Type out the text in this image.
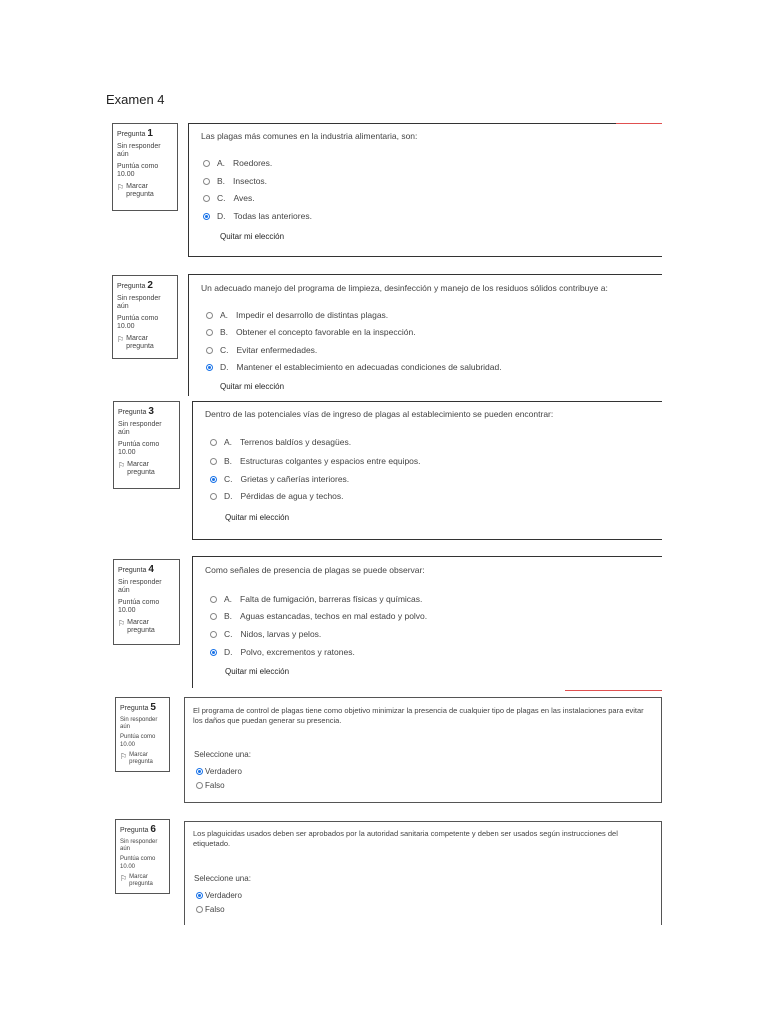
Examen 4
Pregunta 1
Sin responder aún
Puntúa como 10.00
⚐ Marcar pregunta
Las plagas más comunes en la industria alimentaria, son:
A. Roedores.
B. Insectos.
C. Aves.
D. Todas las anteriores.
Quitar mi elección
Pregunta 2
Sin responder aún
Puntúa como 10.00
⚐ Marcar pregunta
Un adecuado manejo del programa de limpieza, desinfección y manejo de los residuos sólidos contribuye a:
A. Impedir el desarrollo de distintas plagas.
B. Obtener el concepto favorable en la inspección.
C. Evitar enfermedades.
D. Mantener el establecimiento en adecuadas condiciones de salubridad.
Quitar mi elección
Pregunta 3
Sin responder aún
Puntúa como 10.00
⚐ Marcar pregunta
Dentro de las potenciales vías de ingreso de plagas al establecimiento se pueden encontrar:
A. Terrenos baldíos y desagües.
B. Estructuras colgantes y espacios entre equipos.
C. Grietas y cañerías interiores.
D. Pérdidas de agua y techos.
Quitar mi elección
Pregunta 4
Sin responder aún
Puntúa como 10.00
⚐ Marcar pregunta
Como señales de presencia de plagas se puede observar:
A. Falta de fumigación, barreras físicas y químicas.
B. Aguas estancadas, techos en mal estado y polvo.
C. Nidos, larvas y pelos.
D. Polvo, excrementos y ratones.
Quitar mi elección
Pregunta 5
Sin responder aún
Puntúa como 10.00
⚐ Marcar pregunta
El programa de control de plagas tiene como objetivo minimizar la presencia de cualquier tipo de plagas en las instalaciones para evitar los daños que puedan generar su presencia.
Seleccione una:
Verdadero
Falso
Pregunta 6
Sin responder aún
Puntúa como 10.00
⚐ Marcar pregunta
Los plaguicidas usados deben ser aprobados por la autoridad sanitaria competente y deben ser usados según instrucciones del etiquetado.
Seleccione una:
Verdadero
Falso
